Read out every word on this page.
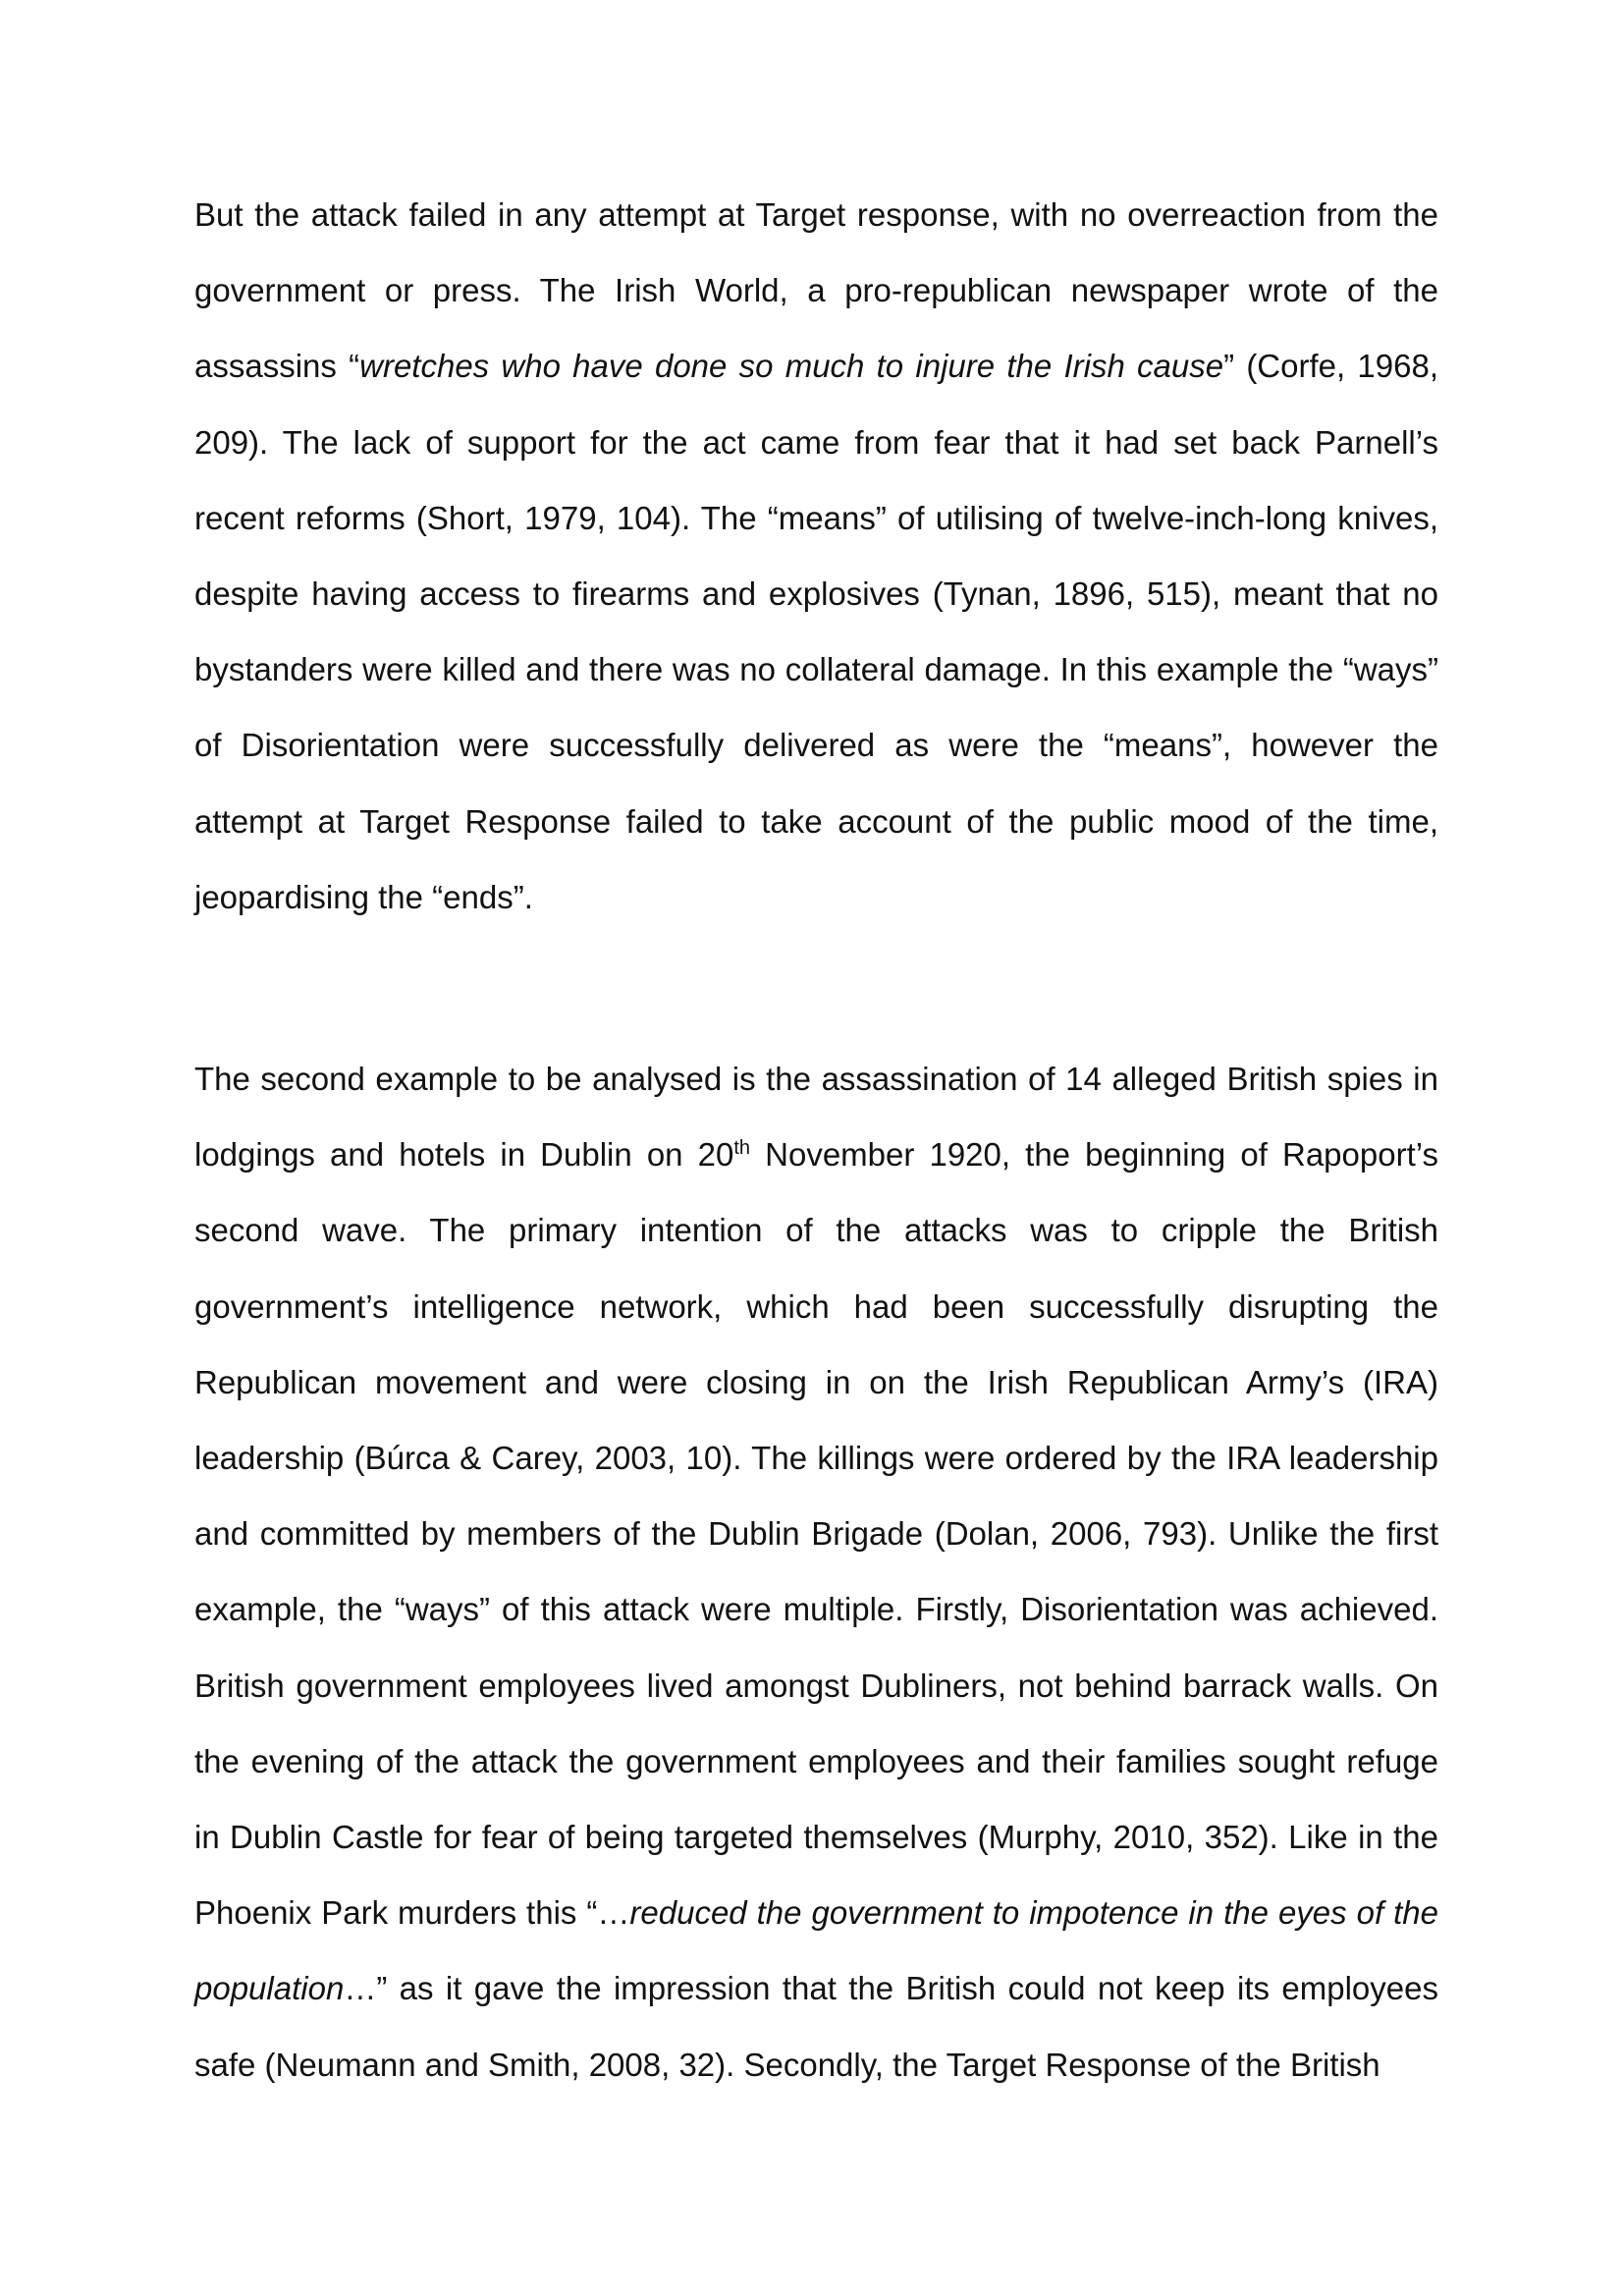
But the attack failed in any attempt at Target response, with no overreaction from the government or press. The Irish World, a pro-republican newspaper wrote of the assassins “wretches who have done so much to injure the Irish cause” (Corfe, 1968, 209). The lack of support for the act came from fear that it had set back Parnell’s recent reforms (Short, 1979, 104). The “means” of utilising of twelve-inch-long knives, despite having access to firearms and explosives (Tynan, 1896, 515), meant that no bystanders were killed and there was no collateral damage. In this example the “ways” of Disorientation were successfully delivered as were the “means”, however the attempt at Target Response failed to take account of the public mood of the time, jeopardising the “ends”.

The second example to be analysed is the assassination of 14 alleged British spies in lodgings and hotels in Dublin on 20th November 1920, the beginning of Rapoport’s second wave. The primary intention of the attacks was to cripple the British government’s intelligence network, which had been successfully disrupting the Republican movement and were closing in on the Irish Republican Army’s (IRA) leadership (Búrca & Carey, 2003, 10). The killings were ordered by the IRA leadership and committed by members of the Dublin Brigade (Dolan, 2006, 793). Unlike the first example, the “ways” of this attack were multiple. Firstly, Disorientation was achieved. British government employees lived amongst Dubliners, not behind barrack walls. On the evening of the attack the government employees and their families sought refuge in Dublin Castle for fear of being targeted themselves (Murphy, 2010, 352). Like in the Phoenix Park murders this “…reduced the government to impotence in the eyes of the population…” as it gave the impression that the British could not keep its employees safe (Neumann and Smith, 2008, 32). Secondly, the Target Response of the British
